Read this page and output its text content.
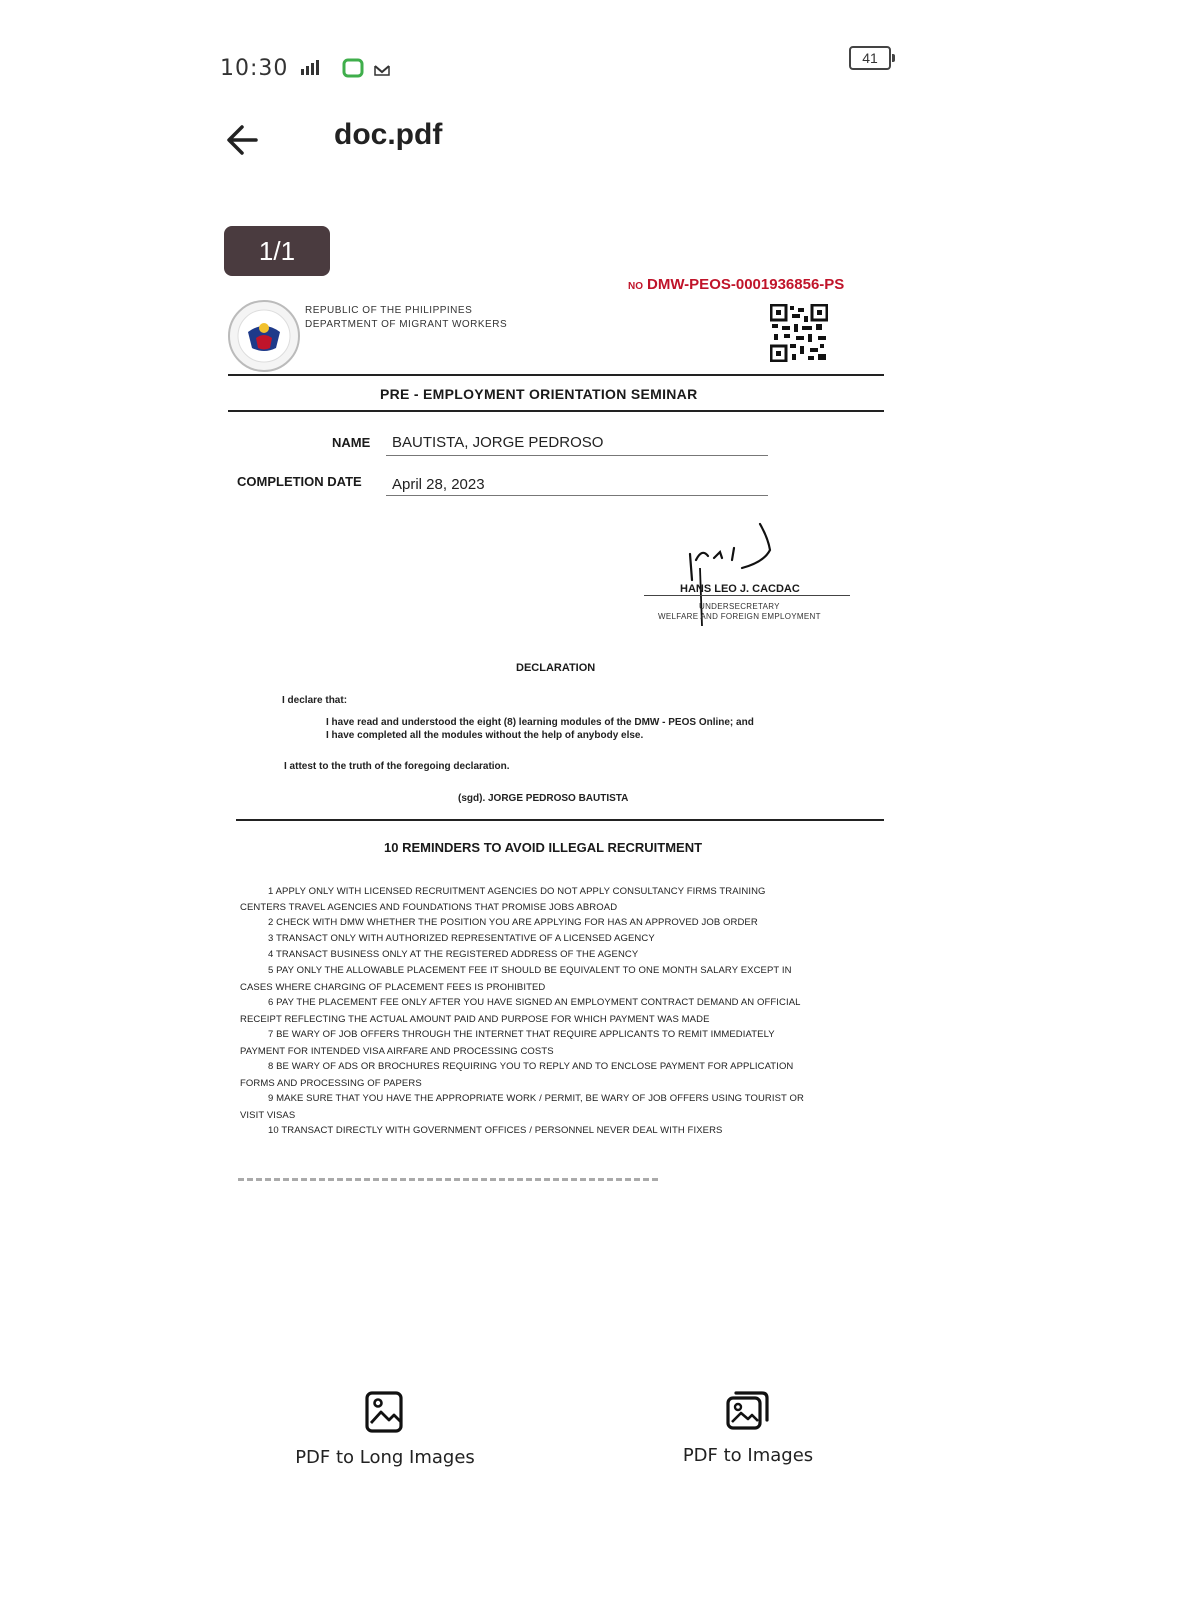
10:30	41
doc.pdf
NO DMW-PEOS-0001936856-PS
REPUBLIC OF THE PHILIPPINES
DEPARTMENT OF MIGRANT WORKERS
PRE - EMPLOYMENT ORIENTATION SEMINAR
NAME BAUTISTA, JORGE PEDROSO
COMPLETION DATE April 28, 2023
HANS LEO J. CACDAC
UNDERSECRETARY
WELFARE AND FOREIGN EMPLOYMENT
DECLARATION
I declare that:
I have read and understood the eight (8) learning modules of the DMW - PEOS Online; and
I have completed all the modules without the help of anybody else.
I attest to the truth of the foregoing declaration.
(sgd). JORGE PEDROSO BAUTISTA
10 REMINDERS TO AVOID ILLEGAL RECRUITMENT
1 APPLY ONLY WITH LICENSED RECRUITMENT AGENCIES DO NOT APPLY CONSULTANCY FIRMS TRAINING
CENTERS TRAVEL AGENCIES AND FOUNDATIONS THAT PROMISE JOBS ABROAD
2 CHECK WITH DMW WHETHER THE POSITION YOU ARE APPLYING FOR HAS AN APPROVED JOB ORDER
3 TRANSACT ONLY WITH AUTHORIZED REPRESENTATIVE OF A LICENSED AGENCY
4 TRANSACT BUSINESS ONLY AT THE REGISTERED ADDRESS OF THE AGENCY
5 PAY ONLY THE ALLOWABLE PLACEMENT FEE IT SHOULD BE EQUIVALENT TO ONE MONTH SALARY EXCEPT IN
CASES WHERE CHARGING OF PLACEMENT FEES IS PROHIBITED
6 PAY THE PLACEMENT FEE ONLY AFTER YOU HAVE SIGNED AN EMPLOYMENT CONTRACT DEMAND AN OFFICIAL
RECEIPT REFLECTING THE ACTUAL AMOUNT PAID AND PURPOSE FOR WHICH PAYMENT WAS MADE
7 BE WARY OF JOB OFFERS THROUGH THE INTERNET THAT REQUIRE APPLICANTS TO REMIT IMMEDIATELY
PAYMENT FOR INTENDED VISA AIRFARE AND PROCESSING COSTS
8 BE WARY OF ADS OR BROCHURES REQUIRING YOU TO REPLY AND TO ENCLOSE PAYMENT FOR APPLICATION
FORMS AND PROCESSING OF PAPERS
9 MAKE SURE THAT YOU HAVE THE APPROPRIATE WORK / PERMIT, BE WARY OF JOB OFFERS USING TOURIST OR
VISIT VISAS
10 TRANSACT DIRECTLY WITH GOVERNMENT OFFICES / PERSONNEL NEVER DEAL WITH FIXERS
1/1
PDF to Long Images	PDF to Images
